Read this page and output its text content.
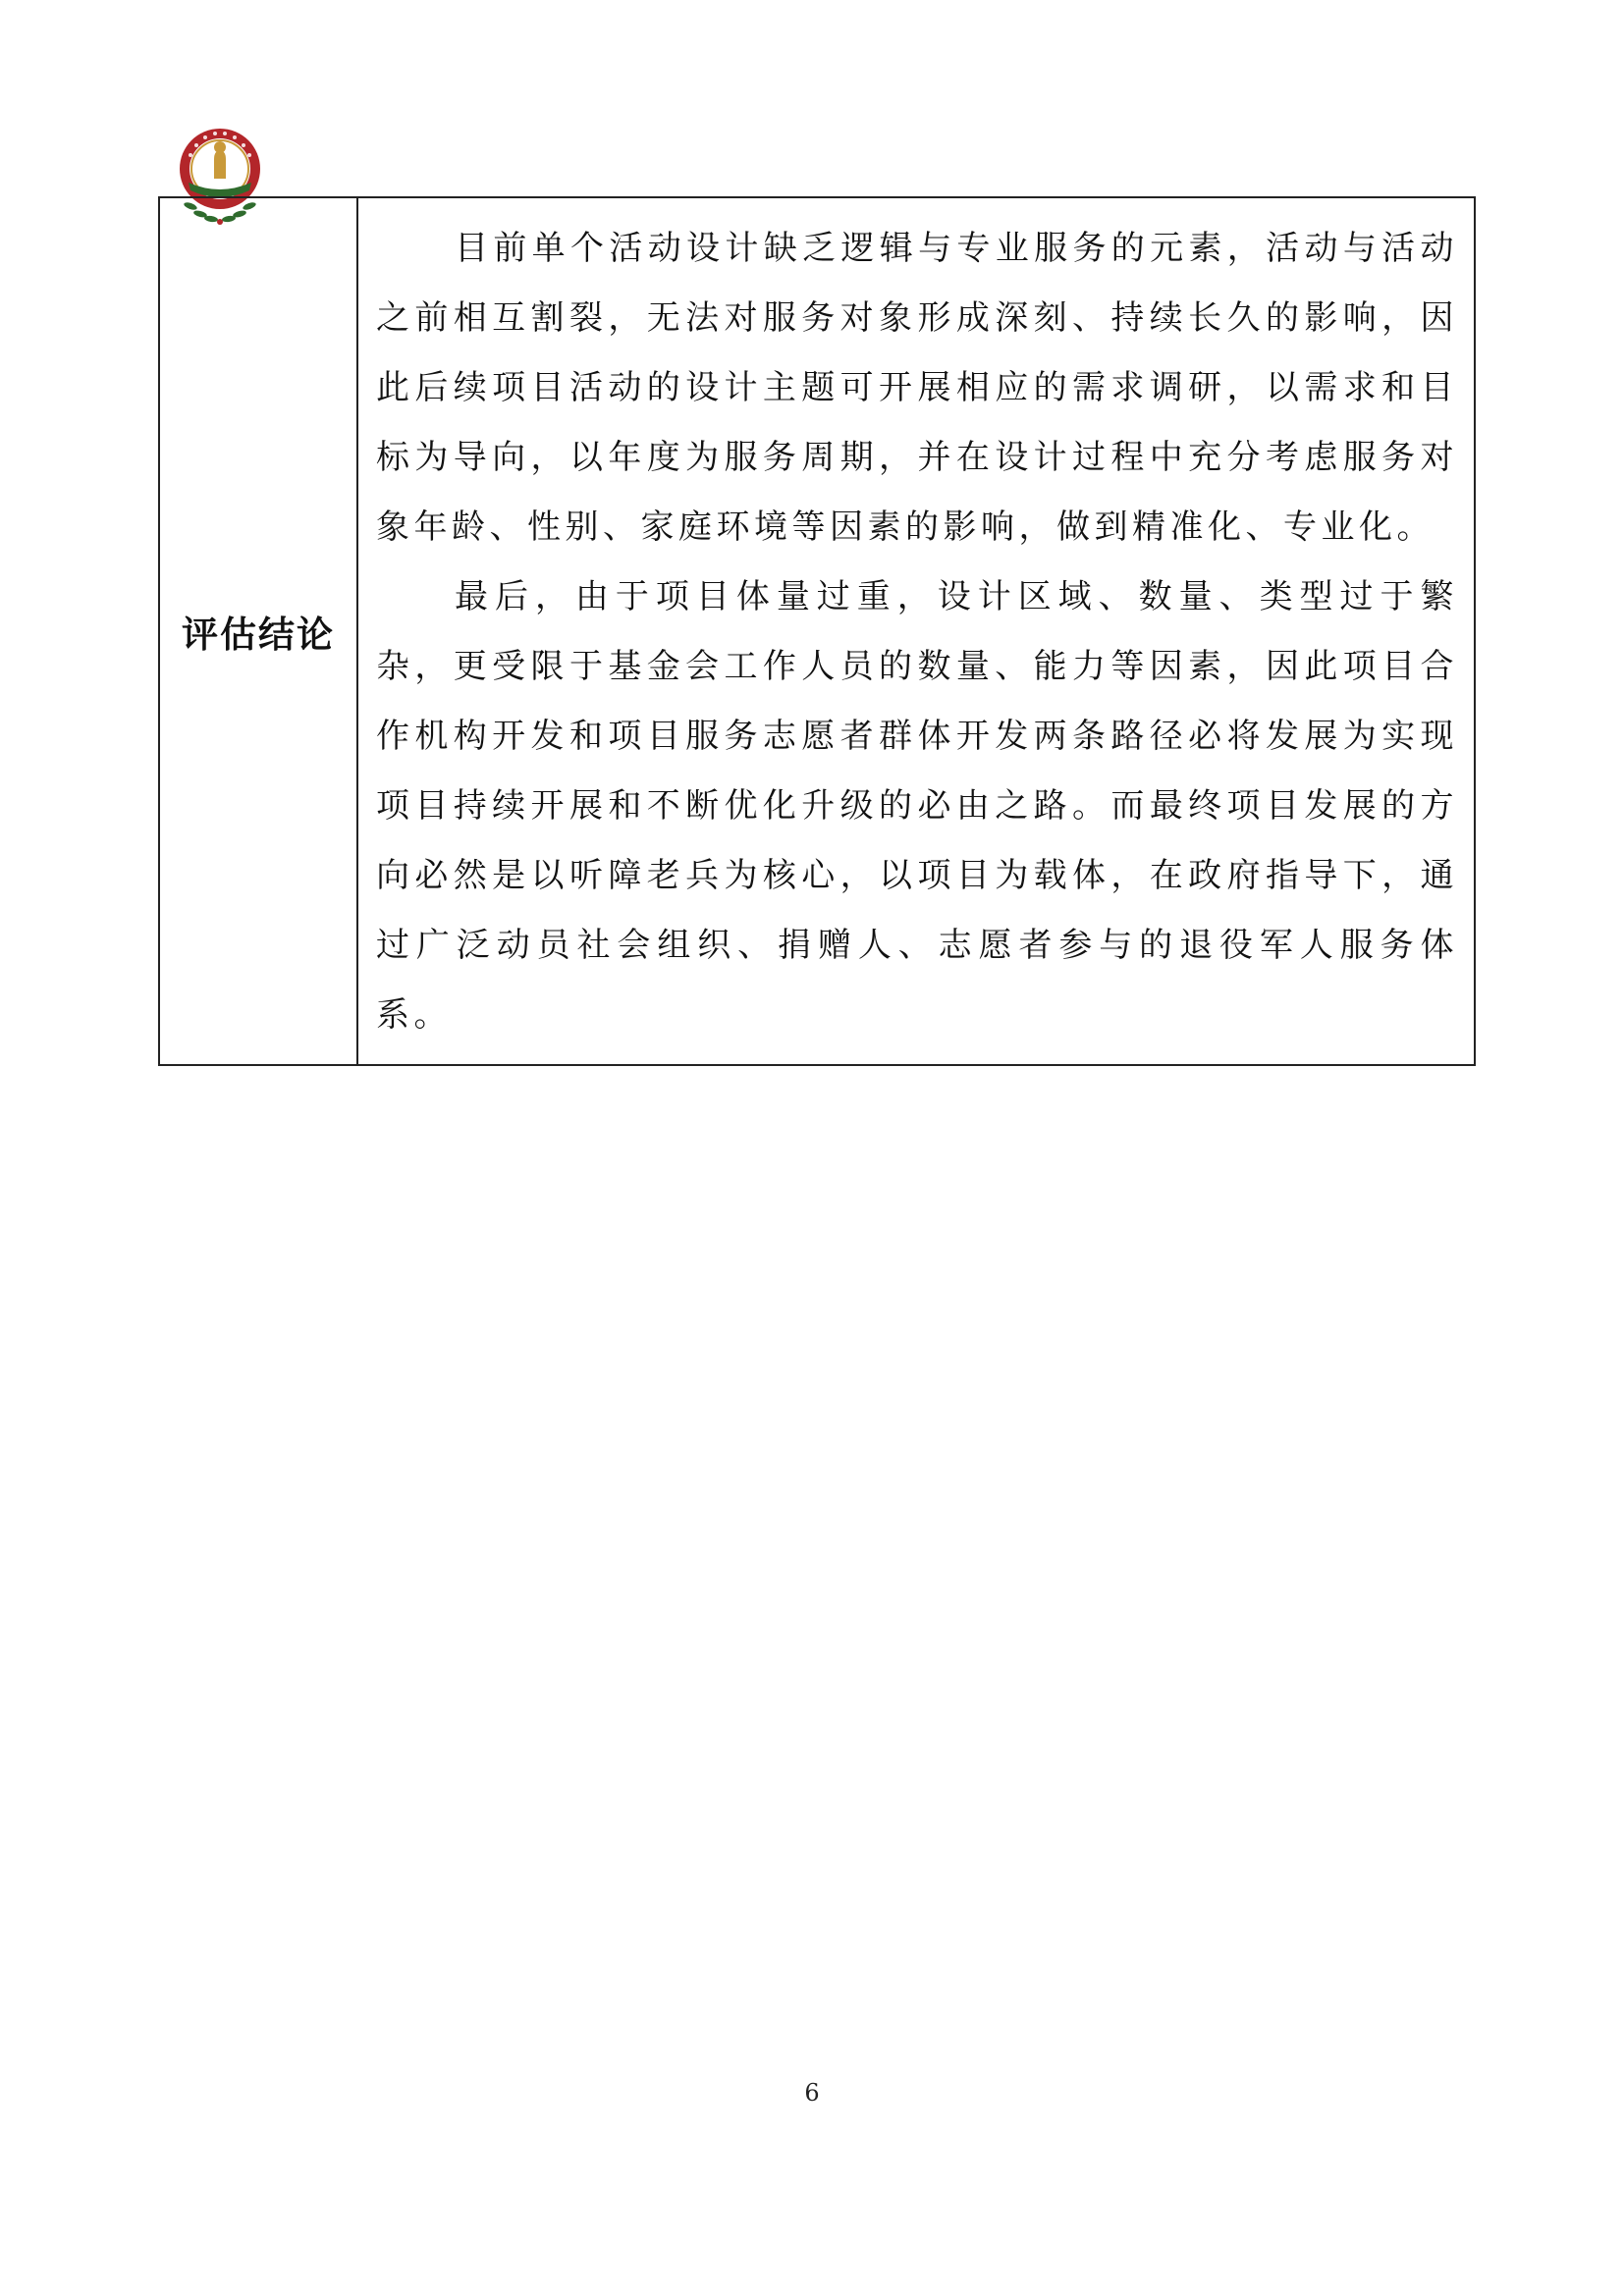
评估结论	

目前单个活动设计缺乏逻辑与专业服务的元素，活动与活动之前相互割裂，无法对服务对象形成深刻、持续长久的影响，因此后续项目活动的设计主题可开展相应的需求调研，以需求和目标为导向，以年度为服务周期，并在设计过程中充分考虑服务对象年龄、性别、家庭环境等因素的影响，做到精准化、专业化。

最后，由于项目体量过重，设计区域、数量、类型过于繁杂，更受限于基金会工作人员的数量、能力等因素，因此项目合作机构开发和项目服务志愿者群体开发两条路径必将发展为实现项目持续开展和不断优化升级的必由之路。而最终项目发展的方向必然是以听障老兵为核心，以项目为载体，在政府指导下，通过广泛动员社会组织、捐赠人、志愿者参与的退役军人服务体系。

6
